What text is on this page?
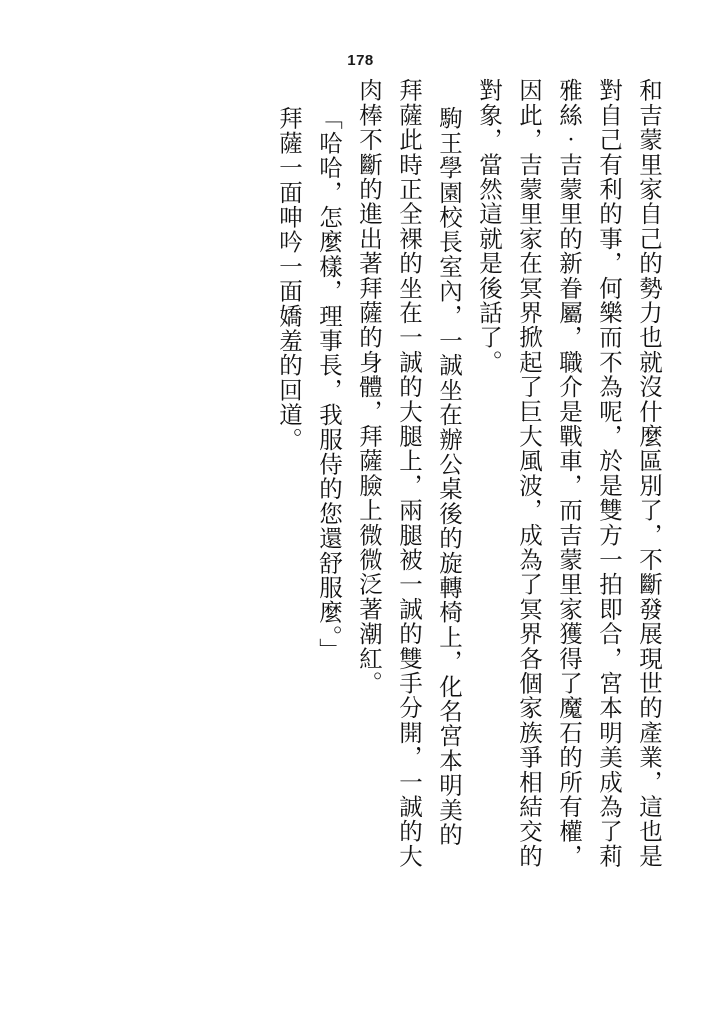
178
和吉蒙里家自己的勢力也就沒什麼區別了，不斷發展現世的產業，這也是
對自己有利的事，何樂而不為呢，於是雙方一拍即合，宮本明美成為了莉
雅絲‧吉蒙里的新眷屬，職介是戰車，而吉蒙里家獲得了魔石的所有權，
因此，吉蒙里家在冥界掀起了巨大風波，成為了冥界各個家族爭相結交的
對象，當然這就是後話了。
駒王學園校長室內，一誠坐在辦公桌後的旋轉椅上，化名宮本明美的
拜薩此時正全裸的坐在一誠的大腿上，兩腿被一誠的雙手分開，一誠的大
肉棒不斷的進出著拜薩的身體，拜薩臉上微微泛著潮紅。
「哈哈，怎麼樣，理事長，我服侍的您還舒服麼。」
拜薩一面呻吟一面嬌羞的回道。
